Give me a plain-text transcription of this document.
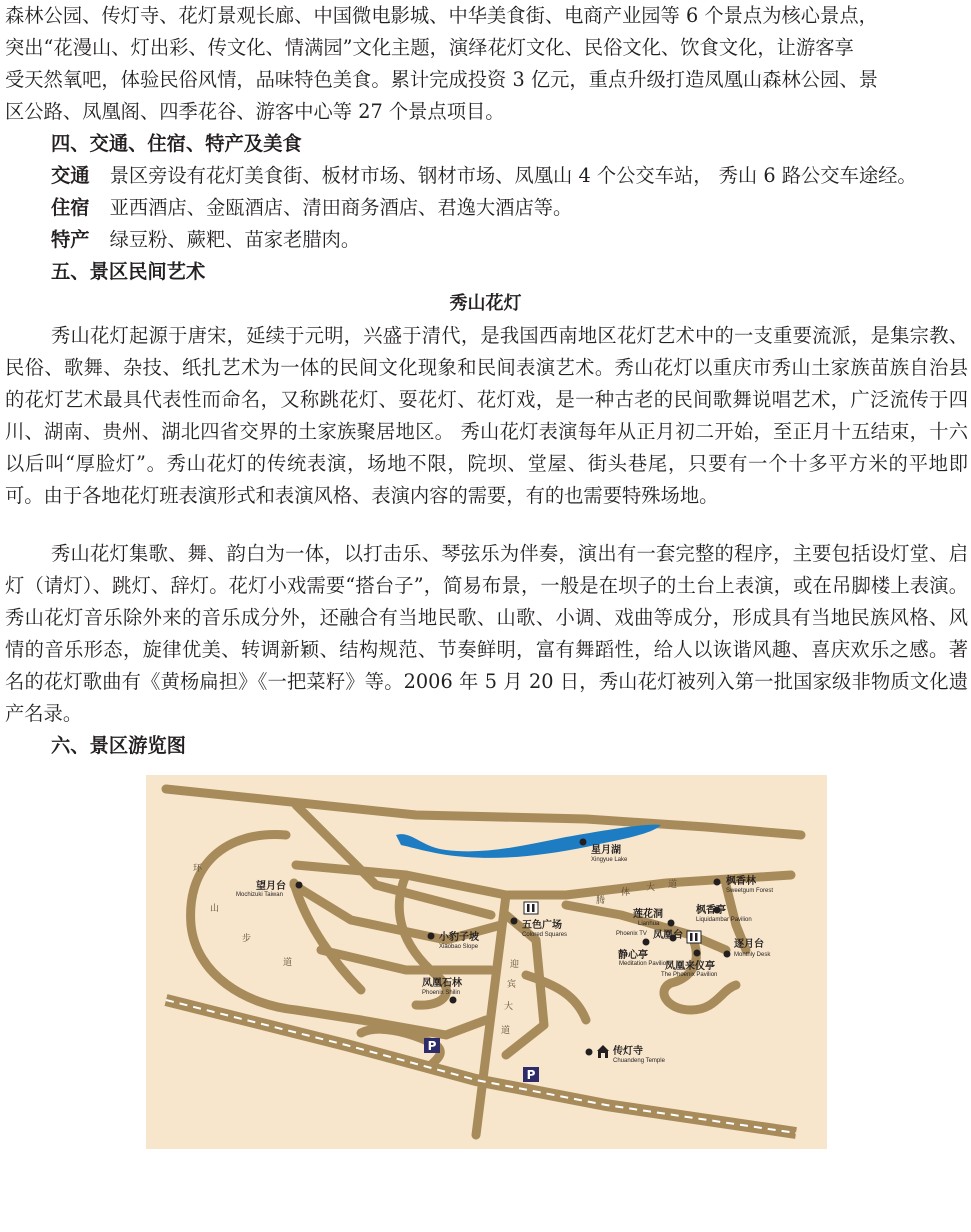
森林公园、传灯寺、花灯景观长廊、中国微电影城、中华美食街、电商产业园等 6 个景点为核心景点，

突出“花漫山、灯出彩、传文化、情满园”文化主题，演绎花灯文化、民俗文化、饮食文化，让游客享

受天然氧吧，体验民俗风情，品味特色美食。累计完成投资 3 亿元，重点升级打造凤凰山森林公园、景

区公路、凤凰阁、四季花谷、游客中心等 27 个景点项目。

四、交通、住宿、特产及美食

交通 景区旁设有花灯美食街、板材市场、钢材市场、凤凰山 4 个公交车站， 秀山 6 路公交车途经。

住宿 亚西酒店、金瓯酒店、清田商务酒店、君逸大酒店等。

特产 绿豆粉、蕨粑、苗家老腊肉。

五、景区民间艺术
秀山花灯

秀山花灯起源于唐宋，延续于元明，兴盛于清代，是我国西南地区花灯艺术中的一支重要流派，是集宗教、民俗、歌舞、杂技、纸扎艺术为一体的民间文化现象和民间表演艺术。秀山花灯以重庆市秀山土家族苗族自治县的花灯艺术最具代表性而命名，又称跳花灯、耍花灯、花灯戏，是一种古老的民间歌舞说唱艺术，广泛流传于四川、湖南、贵州、湖北四省交界的土家族聚居地区。 秀山花灯表演每年从正月初二开始，至正月十五结束，十六以后叫“厚脸灯”。秀山花灯的传统表演，场地不限，院坝、堂屋、街头巷尾，只要有一个十多平方米的平地即可。由于各地花灯班表演形式和表演风格、表演内容的需要，有的也需要特殊场地。

秀山花灯集歌、舞、韵白为一体，以打击乐、琴弦乐为伴奏，演出有一套完整的程序，主要包括设灯堂、启灯（请灯）、跳灯、辞灯。花灯小戏需要“搭台子”，简易布景，一般是在坝子的土台上表演，或在吊脚楼上表演。秀山花灯音乐除外来的音乐成分外，还融合有当地民歌、山歌、小调、戏曲等成分，形成具有当地民族风格、风情的音乐形态，旋律优美、转调新颖、结构规范、节奏鲜明，富有舞蹈性，给人以诙谐风趣、喜庆欢乐之感。著名的花灯歌曲有《黄杨扁担》《一把菜籽》等。2006 年 5 月 20 日，秀山花灯被列入第一批国家级非物质文化遗产名录。

六、景区游览图
环
山
步
道
腾
体 大 道
迎
宾
大
道
星月湖
Xingyue Lake
枫香林
Sweetgum Forest
望月台
Mochizuki Taiwan
枫香亭
Liquidambar Pavilion
莲花洞
Lianhua
五色广场
Colored Squares	凤凰台
Phoenix TV
小豹子坡
Xiaobao Slope	逐月台
Monthly Desk
静心亭
Meditation Pavilion
凤凰来仪亭
The Phoenix Pavilion
凤凰石林
Phoenix Shilin
传灯寺
Chuandeng Temple
P
P
